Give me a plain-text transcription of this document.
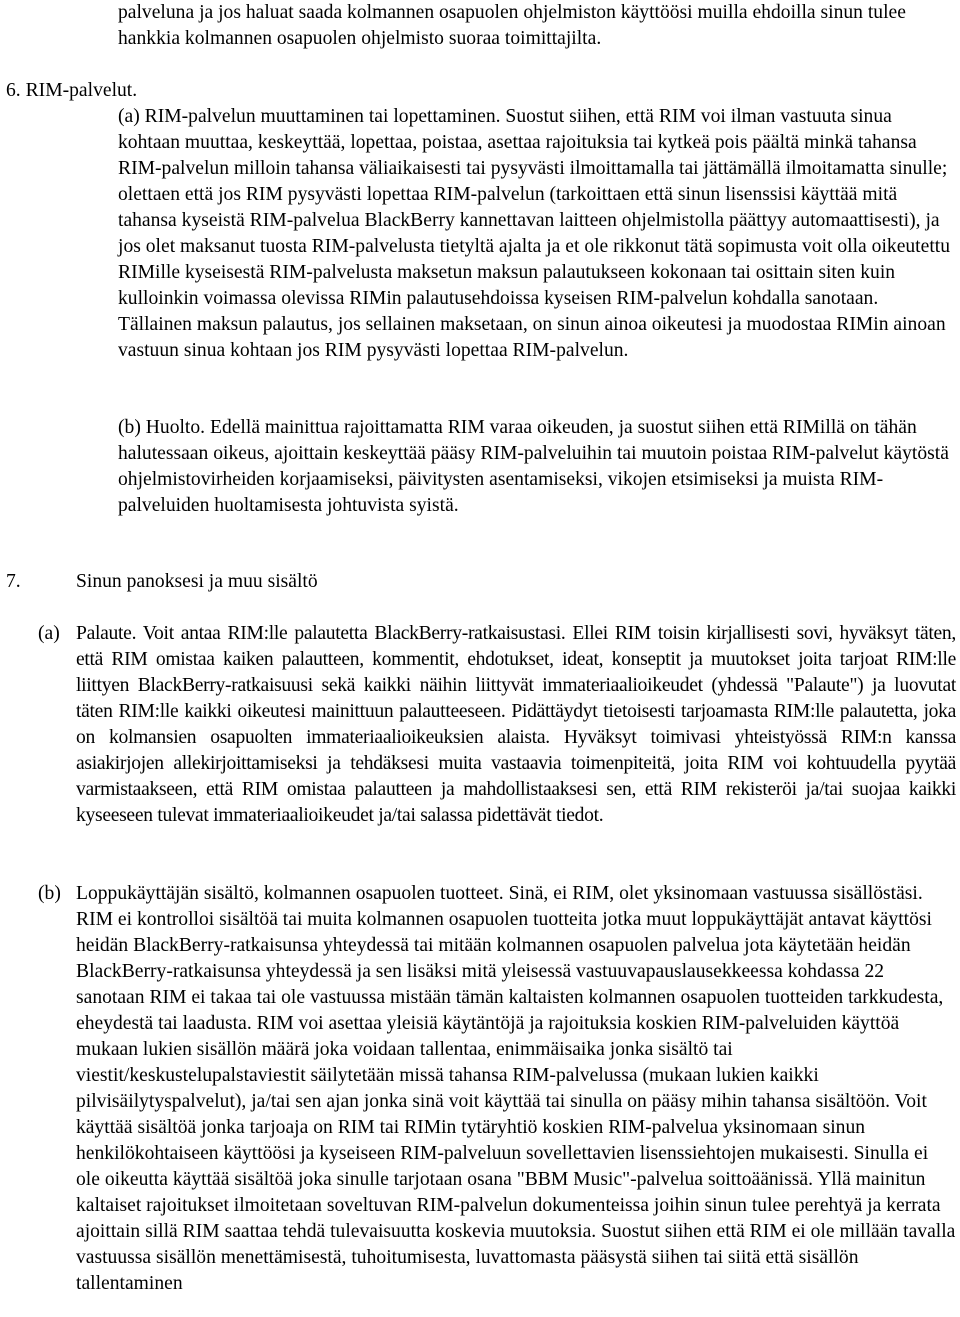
palveluna ja jos haluat saada kolmannen osapuolen ohjelmiston käyttöösi muilla ehdoilla sinun tulee hankkia kolmannen osapuolen ohjelmisto suoraa toimittajilta.

6. RIM-palvelut.

(a) RIM-palvelun muuttaminen tai lopettaminen. Suostut siihen, että RIM voi ilman vastuuta sinua kohtaan muuttaa, keskeyttää, lopettaa, poistaa, asettaa rajoituksia tai kytkeä pois päältä minkä tahansa RIM-palvelun milloin tahansa väliaikaisesti tai pysyvästi ilmoittamalla tai jättämällä ilmoitamatta sinulle; olettaen että jos RIM pysyvästi lopettaa RIM-palvelun (tarkoittaen että sinun lisenssisi käyttää mitä tahansa kyseistä RIM-palvelua BlackBerry kannettavan laitteen ohjelmistolla päättyy automaattisesti), ja jos olet maksanut tuosta RIM-palvelusta tietyltä ajalta ja et ole rikkonut tätä sopimusta voit olla oikeutettu RIMille kyseisestä RIM-palvelusta maksetun maksun palautukseen kokonaan tai osittain siten kuin kulloinkin voimassa olevissa RIMin palautusehdoissa kyseisen RIM-palvelun kohdalla sanotaan. Tällainen maksun palautus, jos sellainen maksetaan, on sinun ainoa oikeutesi ja muodostaa RIMin ainoan vastuun sinua kohtaan jos RIM pysyvästi lopettaa RIM-palvelun.

(b) Huolto. Edellä mainittua rajoittamatta RIM varaa oikeuden, ja suostut siihen että RIMillä on tähän halutessaan oikeus, ajoittain keskeyttää pääsy RIM-palveluihin tai muutoin poistaa RIM-palvelut käytöstä ohjelmistovirheiden korjaamiseksi, päivitysten asentamiseksi, vikojen etsimiseksi ja muista RIM-palveluiden huoltamisesta johtuvista syistä.

7.	Sinun panoksesi ja muu sisältö

(a) Palaute. Voit antaa RIM:lle palautetta BlackBerry-ratkaisustasi. Ellei RIM toisin kirjallisesti sovi, hyväksyt täten, että RIM omistaa kaiken palautteen, kommentit, ehdotukset, ideat, konseptit ja muutokset joita tarjoat RIM:lle liittyen BlackBerry-ratkaisuusi sekä kaikki näihin liittyvät immateriaalioikeudet (yhdessä "Palaute") ja luovutat täten RIM:lle kaikki oikeutesi mainittuun palautteeseen. Pidättäydyt tietoisesti tarjoamasta RIM:lle palautetta, joka on kolmansien osapuolten immateriaalioikeuksien alaista. Hyväksyt toimivasi yhteistyössä RIM:n kanssa asiakirjojen allekirjoittamiseksi ja tehdäksesi muita vastaavia toimenpiteitä, joita RIM voi kohtuudella pyytää varmistaakseen, että RIM omistaa palautteen ja mahdollistaaksesi sen, että RIM rekisteröi ja/tai suojaa kaikki kyseeseen tulevat immateriaalioikeudet ja/tai salassa pidettävät tiedot.

(b) Loppukäyttäjän sisältö, kolmannen osapuolen tuotteet. Sinä, ei RIM, olet yksinomaan vastuussa sisällöstäsi. RIM ei kontrolloi sisältöä tai muita kolmannen osapuolen tuotteita jotka muut loppukäyttäjät antavat käyttösi heidän BlackBerry-ratkaisunsa yhteydessä tai mitään kolmannen osapuolen palvelua jota käytetään heidän BlackBerry-ratkaisunsa yhteydessä ja sen lisäksi mitä yleisessä vastuuvapauslausekkeessa kohdassa 22 sanotaan RIM ei takaa tai ole vastuussa mistään tämän kaltaisten kolmannen osapuolen tuotteiden tarkkudesta, eheydestä tai laadusta. RIM voi asettaa yleisiä käytäntöjä ja rajoituksia koskien RIM-palveluiden käyttöä mukaan lukien sisällön määrä joka voidaan tallentaa, enimmäisaika jonka sisältö tai viestit/keskustelupalstaviestit säilytetään missä tahansa RIM-palvelussa (mukaan lukien kaikki pilvisäilytyspalvelut), ja/tai sen ajan jonka sinä voit käyttää tai sinulla on pääsy mihin tahansa sisältöön. Voit käyttää sisältöä jonka tarjoaja on RIM tai RIMin tytäryhtiö koskien RIM-palvelua yksinomaan sinun henkilökohtaiseen käyttöösi ja kyseiseen RIM-palveluun sovellettavien lisenssiehtojen mukaisesti. Sinulla ei ole oikeutta käyttää sisältöä joka sinulle tarjotaan osana "BBM Music"-palvelua soittoäänissä. Yllä mainitun kaltaiset rajoitukset ilmoitetaan soveltuvan RIM-palvelun dokumenteissa joihin sinun tulee perehtyä ja kerrata ajoittain sillä RIM saattaa tehdä tulevaisuutta koskevia muutoksia. Suostut siihen että RIM ei ole millään tavalla vastuussa sisällön menettämisestä, tuhoitumisesta, luvattomasta pääsystä siihen tai siitä että sisällön tallentaminen
